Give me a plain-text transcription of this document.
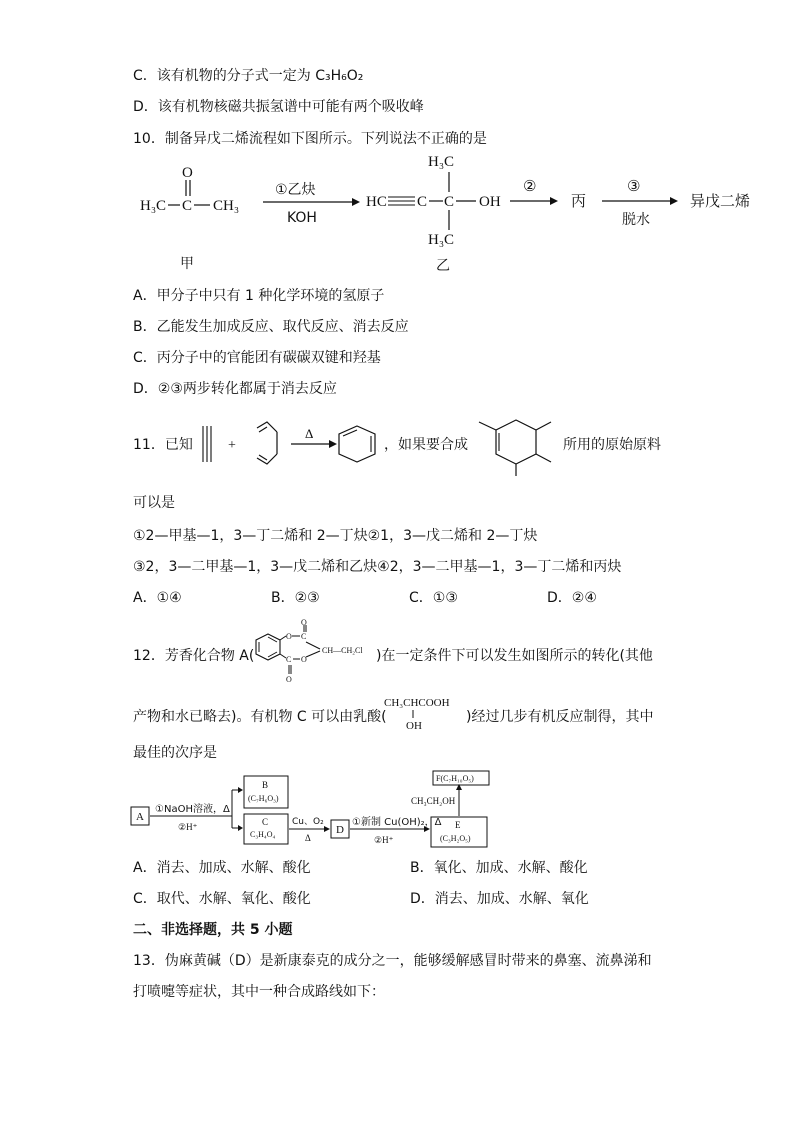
C．该有机物的分子式一定为 C₃H₆O₂
D．该有机物核磁共振氢谱中可能有两个吸收峰
10．制备异戊二烯流程如下图所示。下列说法不正确的是
O
H₃C C CH₃
甲
①乙炔
KOH
H₃C
HC C C OH
H₃C
乙
②
丙
③
脱水
异戊二烯
A．甲分子中只有 1 种化学环境的氢原子
B．乙能发生加成反应、取代反应、消去反应
C．丙分子中的官能团有碳碳双键和羟基
D．②③两步转化都属于消去反应
11．已知	+
Δ
，如果要合成	所用的原始原料
可以是
①2—甲基—1，3—丁二烯和 2—丁炔②1，3—戊二烯和 2—丁炔
③2，3—二甲基—1，3—戊二烯和乙炔④2，3—二甲基—1，3—丁二烯和丙炔
A．①④	B．②③	C．①③	D．②④
12．芳香化合物 A(
O C
O
C
O
O
CH—CH₂Cl )在一定条件下可以发生如图所示的转化(其他
产物和水已略去)。有机物 C 可以由乳酸(
CH₃CHCOOH
OH
)经过几步有机反应制得，其中
最佳的次序是
A
①NaOH溶液，Δ
②H⁺
B
(C₇H₆O₃)
C
C₃H₄O₄
Cu、O₂
Δ
D
①新制 Cu(OH)₂，Δ
②H⁺
E
(C₃H₂O₅)
CH₃CH₂OH
F(C₇H₁₀O₅)
A．消去、加成、水解、酸化	B．氧化、加成、水解、酸化
C．取代、水解、氧化、酸化	D．消去、加成、水解、氧化
二、非选择题，共 5 小题
13．伪麻黄碱（D）是新康泰克的成分之一，能够缓解感冒时带来的鼻塞、流鼻涕和
打喷嚏等症状，其中一种合成路线如下：
